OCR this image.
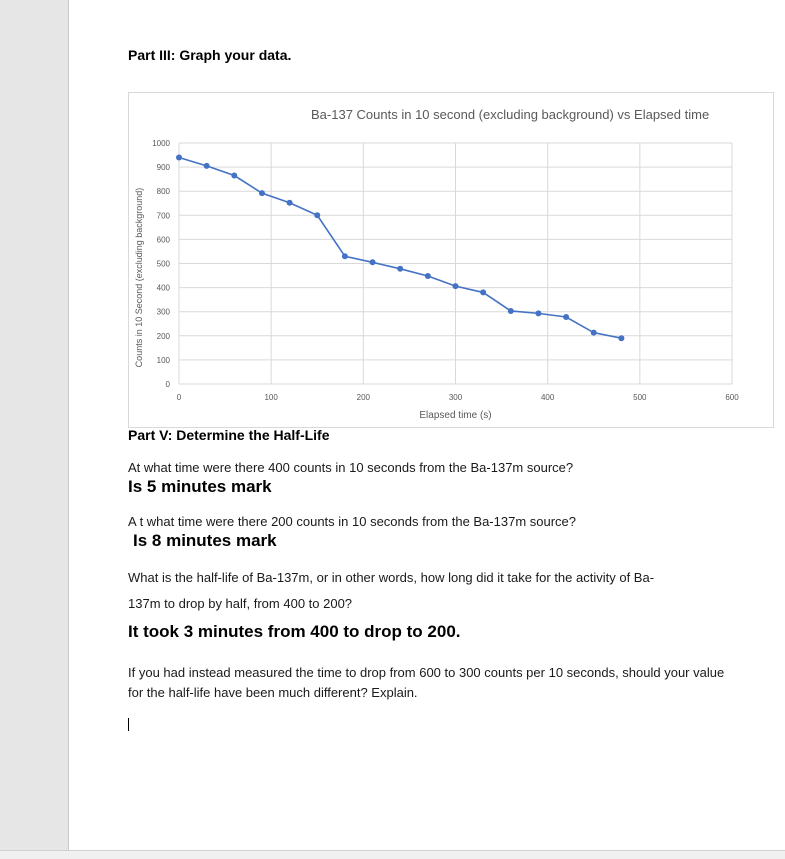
Part III: Graph your data.
0
100
200
300
400
500
600
700
800
900
1000
0	100	200	300	400	500	600
Ba-137 Counts in 10 second (excluding background) vs Elapsed time
Elapsed time (s)
Counts in 10 Second (excluding background)
Part V: Determine the Half-Life
At what time were there 400 counts in 10 seconds from the Ba-137m source?
Is 5 minutes mark
A t what time were there 200 counts in 10 seconds from the Ba-137m source?
Is 8 minutes mark
What is the half-life of Ba-137m, or in other words, how long did it take for the activity of Ba-
137m to drop by half, from 400 to 200?
It took 3 minutes from 400 to drop to 200.
If you had instead measured the time to drop from 600 to 300 counts per 10 seconds, should your value for the half-life have been much different? Explain.
